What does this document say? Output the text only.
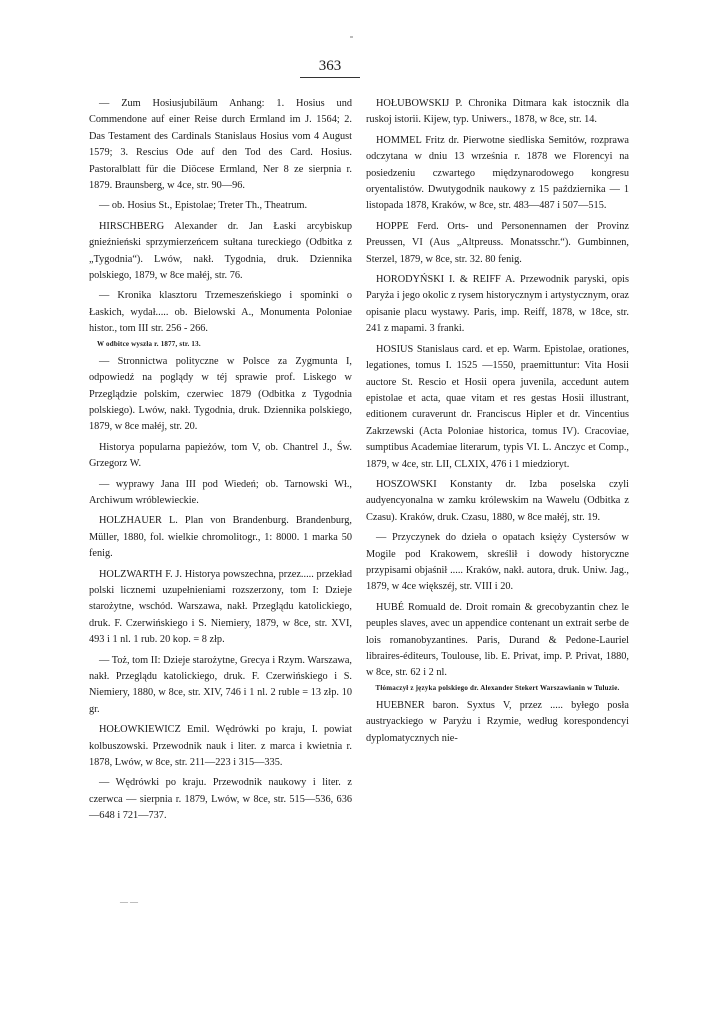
363

— Zum Hosiusjubiläum Anhang: 1. Hosius und Commendone auf einer Reise durch Ermland im J. 1564; 2. Das Testament des Cardinals Stanislaus Hosius vom 4 August 1579; 3. Rescius Ode auf den Tod des Card. Hosius. Pastoralblatt für die Diöcese Ermland, Ner 8 ze sierpnia r. 1879. Braunsberg, w 4ce, str. 90—96.

— ob. Hosius St., Epistolae; Treter Th., Theatrum.

HIRSCHBERG Alexander dr. Jan Łaski arcybiskup gnieźnieński sprzymierzeńcem sułtana tureckiego (Odbitka z „Tygodnia“). Lwów, nakł. Tygodnia, druk. Dziennika polskiego, 1879, w 8ce małéj, str. 76.

— Kronika klasztoru Trzemeszeńskiego i spominki o Łaskich, wydał..... ob. Bielowski A., Monumenta Poloniae histor., tom III str. 256 - 266.

W odbitce wyszła r. 1877, str. 13.

— Stronnictwa polityczne w Polsce za Zygmunta I, odpowiedź na poglądy w téj sprawie prof. Liskego w Przeglądzie polskim, czerwiec 1879 (Odbitka z Tygodnia polskiego). Lwów, nakł. Tygodnia, druk. Dziennika polskiego, 1879, w 8ce małéj, str. 20.

Historya popularna papieżów, tom V, ob. Chantrel J., Św. Grzegorz W.

— wyprawy Jana III pod Wiedeń; ob. Tarnowski Wł., Archiwum wróblewieckie.

HOLZHAUER L. Plan von Brandenburg. Brandenburg, Müller, 1880, fol. wielkie chromolitogr., 1: 8000. 1 marka 50 fenig.

HOLZWARTH F. J. Historya powszechna, przez..... przekład polski licznemi uzupełnieniami rozszerzony, tom I: Dzieje starożytne, wschód. Warszawa, nakł. Przeglądu katolickiego, druk. F. Czerwińskiego i S. Niemiery, 1879, w 8ce, str. XVI, 493 i 1 nl. 1 rub. 20 kop. = 8 złp.

— Toż, tom II: Dzieje starożytne, Grecya i Rzym. Warszawa, nakł. Przeglądu katolickiego, druk. F. Czerwińskiego i S. Niemiery, 1880, w 8ce, str. XIV, 746 i 1 nl. 2 ruble = 13 złp. 10 gr.

HOŁOWKIEWICZ Emil. Wędrówki po kraju, I. powiat kolbuszowski. Przewodnik nauk i liter. z marca i kwietnia r. 1878, Lwów, w 8ce, str. 211—223 i 315—335.

— Wędrówki po kraju. Przewodnik naukowy i liter. z czerwca — sierpnia r. 1879, Lwów, w 8ce, str. 515—536, 636—648 i 721—737.

HOŁUBOWSKIJ P. Chronika Ditmara kak istocznik dla ruskoj istorii. Kijew, typ. Uniwers., 1878, w 8ce, str. 14.

HOMMEL Fritz dr. Pierwotne siedliska Semitów, rozprawa odczytana w dniu 13 września r. 1878 we Florencyi na posiedzeniu czwartego międzynarodowego kongresu oryentalistów. Dwutygodnik naukowy z 15 października — 1 listopada 1878, Kraków, w 8ce, str. 483—487 i 507—515.

HOPPE Ferd. Orts- und Personennamen der Provinz Preussen, VI (Aus „Altpreuss. Monatsschr.“). Gumbinnen, Sterzel, 1879, w 8ce, str. 32. 80 fenig.

HORODYŃSKI I. & REIFF A. Przewodnik paryski, opis Paryża i jego okolic z rysem historycznym i artystycznym, oraz opisanie placu wystawy. Paris, imp. Reiff, 1878, w 18ce, str. 241 z mapami. 3 franki.

HOSIUS Stanislaus card. et ep. Warm. Epistolae, orationes, legationes, tomus I. 1525 —1550, praemittuntur: Vita Hosii auctore St. Rescio et Hosii opera juvenila, accedunt autem epistolae et acta, quae vitam et res gestas Hosii illustrant, editionem curaverunt dr. Franciscus Hipler et dr. Vincentius Zakrzewski (Acta Poloniae historica, tomus IV). Cracoviae, sumptibus Academiae literarum, typis VI. L. Anczyc et Comp., 1879, w 4ce, str. LII, CLXIX, 476 i 1 miedzioryt.

HOSZOWSKI Konstanty dr. Izba poselska czyli audyencyonalna w zamku królewskim na Wawelu (Odbitka z Czasu). Kraków, druk. Czasu, 1880, w 8ce małéj, str. 19.

— Przyczynek do dzieła o opatach księży Cystersów w Mogile pod Krakowem, skreślił i dowody historyczne przypisami objaśnił ..... Kraków, nakł. autora, druk. Uniw. Jag., 1879, w 4ce większéj, str. VIII i 20.

HUBÉ Romuald de. Droit romain & grecobyzantin chez le peuples slaves, avec un appendice contenant un extrait serbe de lois romanobyzantines. Paris, Durand & Pedone-Lauriel libraires-éditeurs, Toulouse, lib. E. Privat, imp. P. Privat, 1880, w 8ce, str. 62 i 2 nl.

Tłómaczył z języka polskiego dr. Alexander Stekert Warszawianin w Tuluzie.

HUEBNER baron. Syxtus V, przez ..... byłego posła austryackiego w Paryżu i Rzymie, według korespondencyi dyplomatycznych nie-

— —
